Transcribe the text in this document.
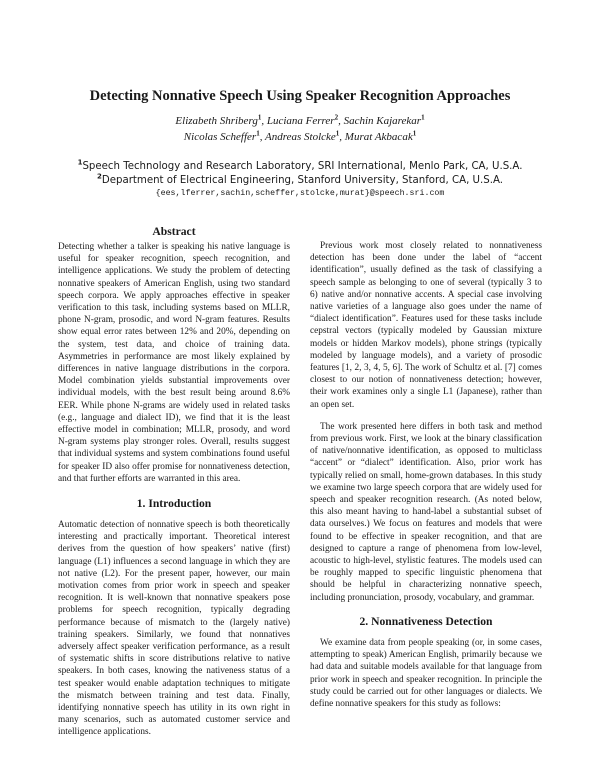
Detecting Nonnative Speech Using Speaker Recognition Approaches
Elizabeth Shriberg$^1$, Luciana Ferrer$^2$, Sachin Kajarekar$^1$
Nicolas Scheffer$^1$, Andreas Stolcke$^1$, Murat Akbacak$^1$
$^1$Speech Technology and Research Laboratory, SRI International, Menlo Park, CA, U.S.A.
$^2$Department of Electrical Engineering, Stanford University, Stanford, CA, U.S.A.
{ees,lferrer,sachin,scheffer,stolcke,murat}@speech.sri.com
Abstract

Detecting whether a talker is speaking his native language is useful for speaker recognition, speech recognition, and intelligence applications. We study the problem of detecting nonnative speakers of American English, using two standard speech corpora. We apply approaches effective in speaker verification to this task, including systems based on MLLR, phone N-gram, prosodic, and word N-gram features. Results show equal error rates between 12% and 20%, depending on the system, test data, and choice of training data. Asymmetries in performance are most likely explained by differences in native language distributions in the corpora. Model combination yields substantial improvements over individual models, with the best result being around 8.6% EER. While phone N-grams are widely used in related tasks (e.g., language and dialect ID), we find that it is the least effective model in combination; MLLR, prosody, and word N-gram systems play stronger roles. Overall, results suggest that individual systems and system combinations found useful for speaker ID also offer promise for nonnativeness detection, and that further efforts are warranted in this area.

1. Introduction

Automatic detection of nonnative speech is both theoretically interesting and practically important. Theoretical interest derives from the question of how speakers’ native (first) language (L1) influences a second language in which they are not native (L2). For the present paper, however, our main motivation comes from prior work in speech and speaker recognition. It is well-known that nonnative speakers pose problems for speech recognition, typically degrading performance because of mismatch to the (largely native) training speakers. Similarly, we found that nonnatives adversely affect speaker verification performance, as a result of systematic shifts in score distributions relative to native speakers. In both cases, knowing the nativeness status of a test speaker would enable adaptation techniques to mitigate the mismatch between training and test data. Finally, identifying nonnative speech has utility in its own right in many scenarios, such as automated customer service and intelligence applications.

Previous work most closely related to nonnativeness detection has been done under the label of “accent identification”, usually defined as the task of classifying a speech sample as belonging to one of several (typically 3 to 6) native and/or nonnative accents. A special case involving native varieties of a language also goes under the name of “dialect identification”. Features used for these tasks include cepstral vectors (typically modeled by Gaussian mixture models or hidden Markov models), phone strings (typically modeled by language models), and a variety of prosodic features [1, 2, 3, 4, 5, 6]. The work of Schultz et al. [7] comes closest to our notion of nonnativeness detection; however, their work examines only a single L1 (Japanese), rather than an open set.

The work presented here differs in both task and method from previous work. First, we look at the binary classification of native/nonnative identification, as opposed to multiclass “accent” or “dialect” identification. Also, prior work has typically relied on small, home-grown databases. In this study we examine two large speech corpora that are widely used for speech and speaker recognition research. (As noted below, this also meant having to hand-label a substantial subset of data ourselves.) We focus on features and models that were found to be effective in speaker recognition, and that are designed to capture a range of phenomena from low-level, acoustic to high-level, stylistic features. The models used can be roughly mapped to specific linguistic phenomena that should be helpful in characterizing nonnative speech, including pronunciation, prosody, vocabulary, and grammar.

2. Nonnativeness Detection

We examine data from people speaking (or, in some cases, attempting to speak) American English, primarily because we had data and suitable models available for that language from prior work in speech and speaker recognition. In principle the study could be carried out for other languages or dialects. We define nonnative speakers for this study as follows:
